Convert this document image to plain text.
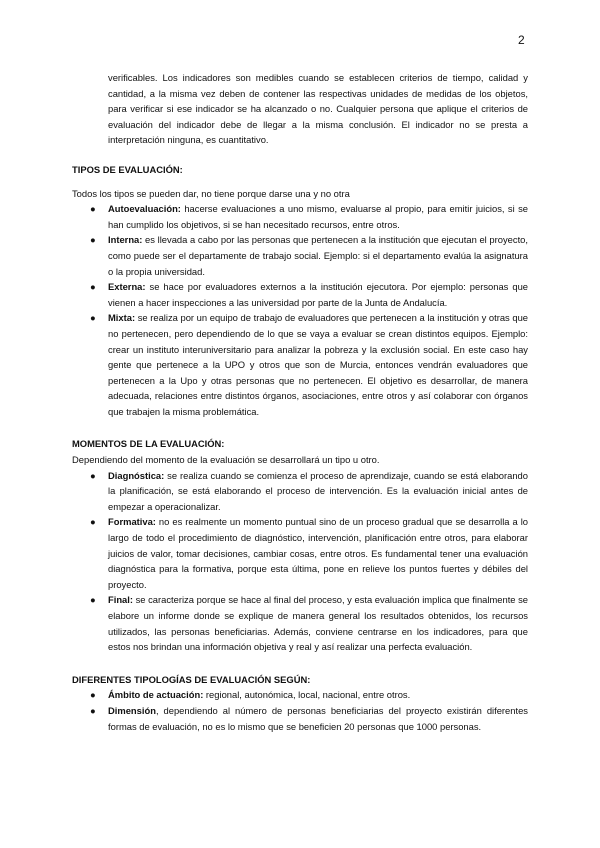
2

verificables. Los indicadores son medibles cuando se establecen criterios de tiempo, calidad y cantidad, a la misma vez deben de contener las respectivas unidades de medidas de los objetos, para verificar si ese indicador se ha alcanzado o no. Cualquier persona que aplique el criterios de evaluación del indicador debe de llegar a la misma conclusión. El indicador no se presta a interpretación ninguna, es cuantitativo.

TIPOS DE EVALUACIÓN:

Todos los tipos se pueden dar, no tiene porque darse una y no otra

● Autoevaluación: hacerse evaluaciones a uno mismo, evaluarse al propio, para emitir juicios, si se han cumplido los objetivos, si se han necesitado recursos, entre otros.
● Interna: es llevada a cabo por las personas que pertenecen a la institución que ejecutan el proyecto, como puede ser el departamente de trabajo social. Ejemplo: si el departamento evalúa la asignatura o la propia universidad.
● Externa: se hace por evaluadores externos a la institución ejecutora. Por ejemplo: personas que vienen a hacer inspecciones a las universidad por parte de la Junta de Andalucía.
● Mixta: se realiza por un equipo de trabajo de evaluadores que pertenecen a la institución y otras que no pertenecen, pero dependiendo de lo que se vaya a evaluar se crean distintos equipos. Ejemplo: crear un instituto interuniversitario para analizar la pobreza y la exclusión social. En este caso hay gente que pertenece a la UPO y otros que son de Murcia, entonces vendrán evaluadores que pertenecen a la Upo y otras personas que no pertenecen. El objetivo es desarrollar, de manera adecuada, relaciones entre distintos órganos, asociaciones, entre otros y así colaborar con órganos que trabajen la misma problemática.

MOMENTOS DE LA EVALUACIÓN:

Dependiendo del momento de la evaluación se desarrollará un tipo u otro.

● Diagnóstica: se realiza cuando se comienza el proceso de aprendizaje, cuando se está elaborando la planificación, se está elaborando el proceso de intervención. Es la evaluación inicial antes de empezar a operacionalizar.
● Formativa: no es realmente un momento puntual sino de un proceso gradual que se desarrolla a lo largo de todo el procedimiento de diagnóstico, intervención, planificación entre otros, para elaborar juicios de valor, tomar decisiones, cambiar cosas, entre otros. Es fundamental tener una evaluación diagnóstica para la formativa, porque esta última, pone en relieve los puntos fuertes y débiles del proyecto.
● Final: se caracteriza porque se hace al final del proceso, y esta evaluación implica que finalmente se elabore un informe donde se explique de manera general los resultados obtenidos, los recursos utilizados, las personas beneficiarias. Además, conviene centrarse en los indicadores, para que estos nos brindan una información objetiva y real y así realizar una perfecta evaluación.

DIFERENTES TIPOLOGÍAS DE EVALUACIÓN SEGÚN:

● Ámbito de actuación: regional, autonómica, local, nacional, entre otros.
● Dimensión, dependiendo al número de personas beneficiarias del proyecto existirán diferentes formas de evaluación, no es lo mismo que se beneficien 20 personas que 1000 personas.
